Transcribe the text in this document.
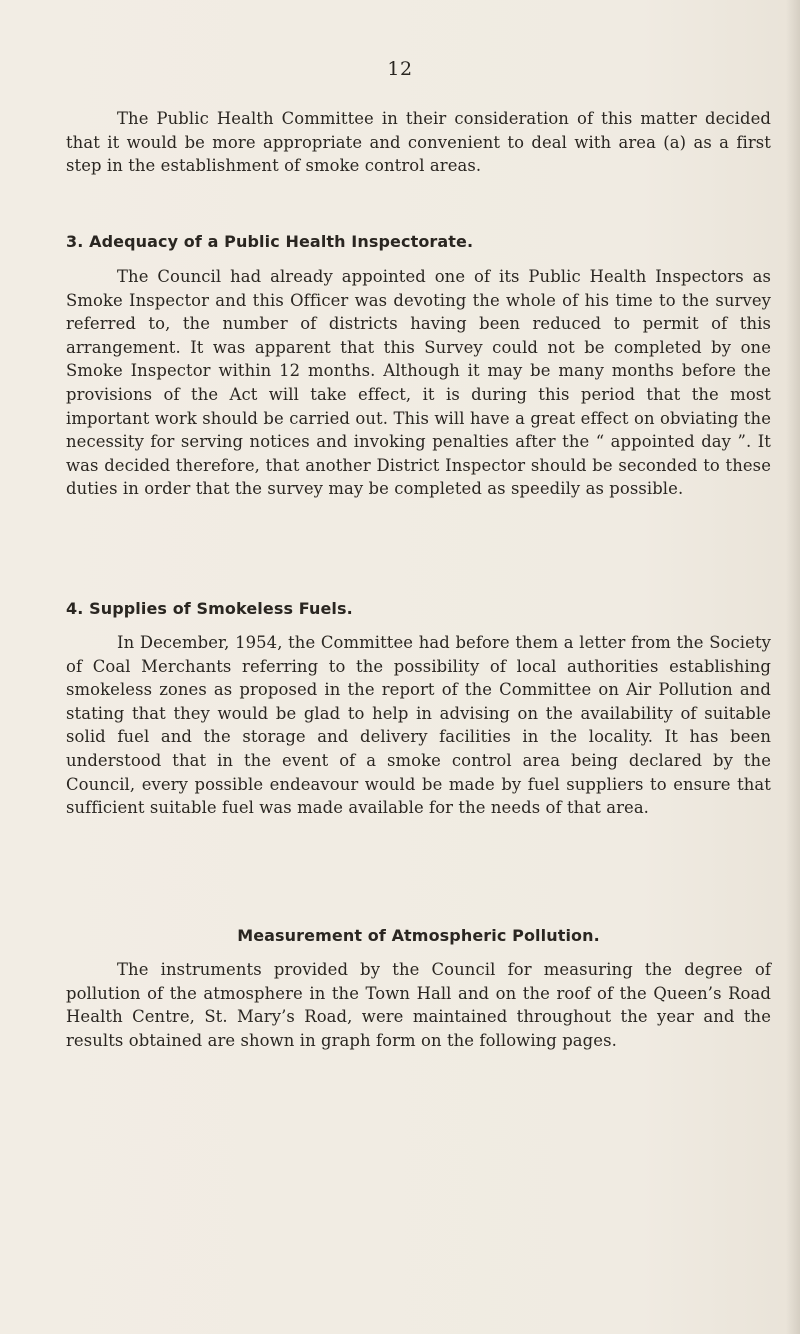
12

The Public Health Committee in their consideration of this matter decided that it would be more appropriate and convenient to deal with area (a) as a first step in the establishment of smoke control areas.

3. Adequacy of a Public Health Inspectorate.

The Council had already appointed one of its Public Health Inspectors as Smoke Inspector and this Officer was devoting the whole of his time to the survey referred to, the number of districts having been reduced to permit of this arrangement. It was apparent that this Survey could not be completed by one Smoke Inspector within 12 months. Although it may be many months before the provisions of the Act will take effect, it is during this period that the most important work should be carried out. This will have a great effect on obviating the necessity for serving notices and invoking penalties after the “ appointed day ”. It was decided therefore, that another District Inspector should be seconded to these duties in order that the survey may be completed as speedily as possible.

4. Supplies of Smokeless Fuels.

In December, 1954, the Committee had before them a letter from the Society of Coal Merchants referring to the possibility of local authorities establishing smokeless zones as proposed in the report of the Committee on Air Pollution and stating that they would be glad to help in advising on the availability of suitable solid fuel and the storage and delivery facilities in the locality. It has been understood that in the event of a smoke control area being declared by the Council, every possible endeavour would be made by fuel suppliers to ensure that sufficient suitable fuel was made available for the needs of that area.

Measurement of Atmospheric Pollution.

The instruments provided by the Council for measuring the degree of pollution of the atmosphere in the Town Hall and on the roof of the Queen’s Road Health Centre, St. Mary’s Road, were maintained throughout the year and the results obtained are shown in graph form on the following pages.
